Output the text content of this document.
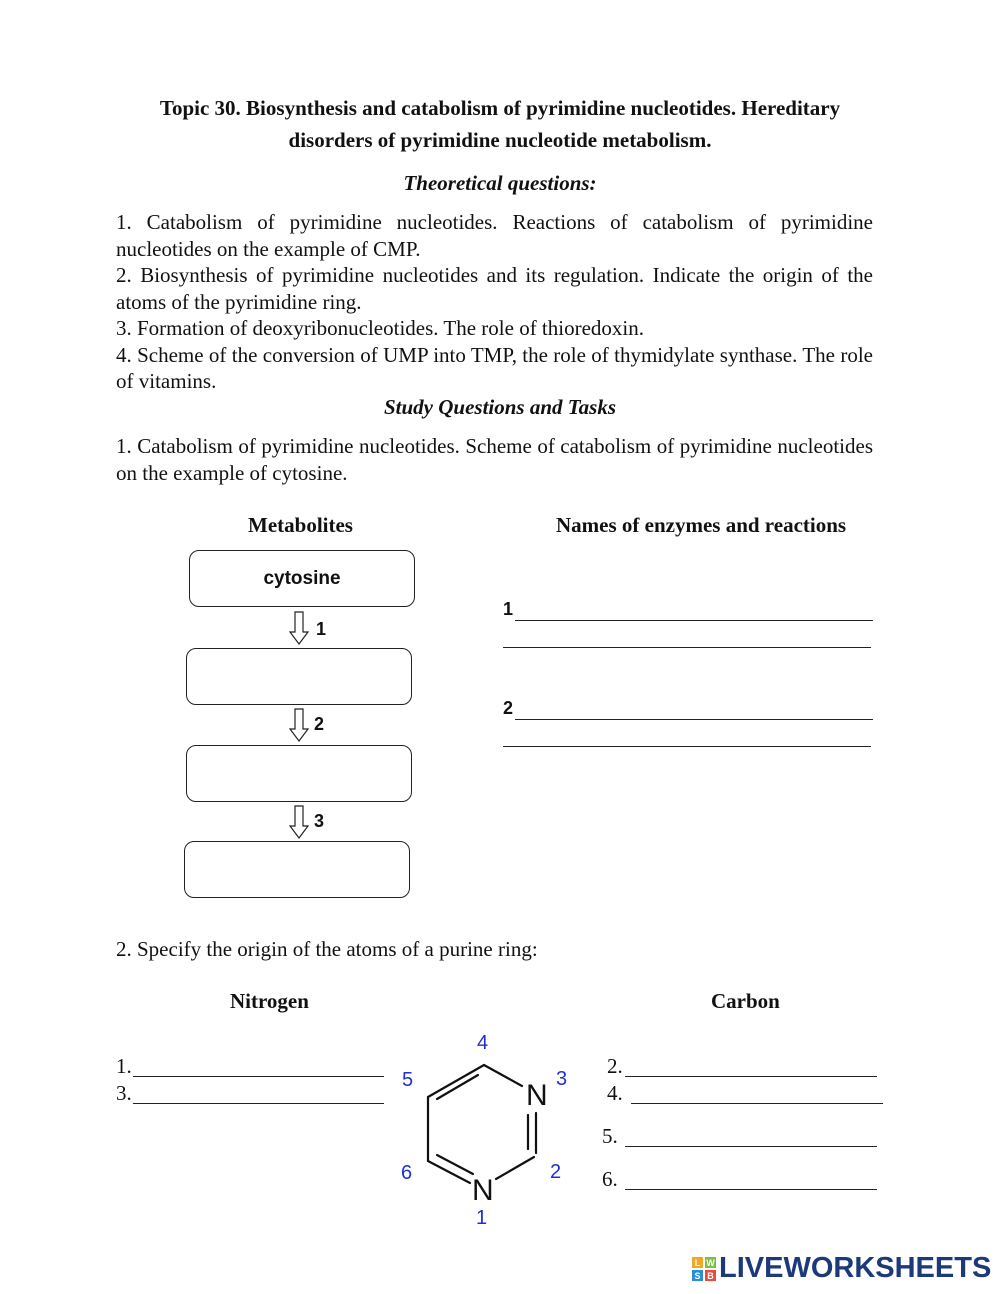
Topic 30. Biosynthesis and catabolism of pyrimidine nucleotides. Hereditary
disorders of pyrimidine nucleotide metabolism.
Theoretical questions:

1. Catabolism of pyrimidine nucleotides. Reactions of catabolism of pyrimidine nucleotides on the example of CMP.

2. Biosynthesis of pyrimidine nucleotides and its regulation. Indicate the origin of the atoms of the pyrimidine ring.

3. Formation of deoxyribonucleotides. The role of thioredoxin.

4. Scheme of the conversion of UMP into TMP, the role of thymidylate synthase. The role of vitamins.

Study Questions and Tasks

1. Catabolism of pyrimidine nucleotides. Scheme of catabolism of pyrimidine nucleotides on the example of cytosine.

Metabolites	Names of enzymes and reactions
cytosine
1
2
3
1
2
2. Specify the origin of the atoms of a purine ring:
Nitrogen	Carbon
1.
3.
2.
4.
5.
6.
N
N
4
5	3
6	2
1
L W
S B LIVEWORKSHEETS
